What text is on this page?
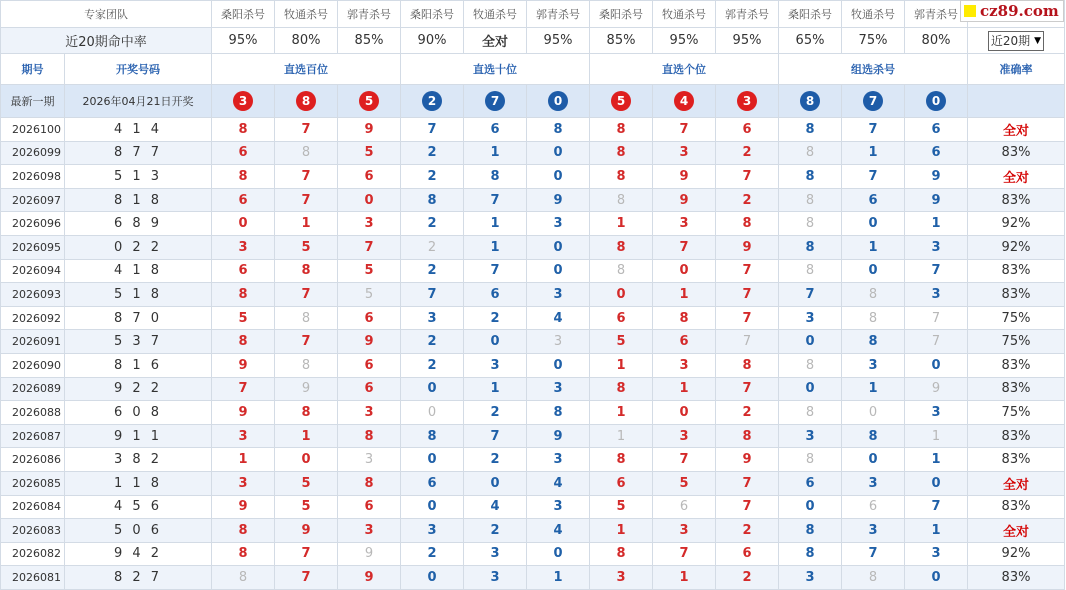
专家团队		桑阳杀号	牧通杀号	郭青杀号	桑阳杀号	牧通杀号	郭青杀号	桑阳杀号	牧通杀号	郭青杀号	桑阳杀号	牧通杀号	郭青杀号	
近20期命中率		95%	80%	85%	90%	全对	95%	85%	95%	95%	65%	75%	80%	近20期 ▼

期号	开奖号码	直选百位			直选十位			直选个位			组选杀号			准确率
最新一期	2026年04月21日开奖	3	8	5	2	7	0	5	4	3	8	7	0	
2026100	4 1 4	8	7	9	7	6	8	8	7	6	8	7	6	全对
2026099	8 7 7	6	8	5	2	1	0	8	3	2	8	1	6	83%
2026098	5 1 3	8	7	6	2	8	0	8	9	7	8	7	9	全对
2026097	8 1 8	6	7	0	8	7	9	8	9	2	8	6	9	83%
2026096	6 8 9	0	1	3	2	1	3	1	3	8	8	0	1	92%
2026095	0 2 2	3	5	7	2	1	0	8	7	9	8	1	3	92%
2026094	4 1 8	6	8	5	2	7	0	8	0	7	8	0	7	83%
2026093	5 1 8	8	7	5	7	6	3	0	1	7	7	8	3	83%
2026092	8 7 0	5	8	6	3	2	4	6	8	7	3	8	7	75%
2026091	5 3 7	8	7	9	2	0	3	5	6	7	0	8	7	75%
2026090	8 1 6	9	8	6	2	3	0	1	3	8	8	3	0	83%
2026089	9 2 2	7	9	6	0	1	3	8	1	7	0	1	9	83%
2026088	6 0 8	9	8	3	0	2	8	1	0	2	8	0	3	75%
2026087	9 1 1	3	1	8	8	7	9	1	3	8	3	8	1	83%
2026086	3 8 2	1	0	3	0	2	3	8	7	9	8	0	1	83%
2026085	1 1 8	3	5	8	6	0	4	6	5	7	6	3	0	全对
2026084	4 5 6	9	5	6	0	4	3	5	6	7	0	6	7	83%
2026083	5 0 6	8	9	3	3	2	4	1	3	2	8	3	1	全对
2026082	9 4 2	8	7	9	2	3	0	8	7	6	8	7	3	92%
2026081	8 2 7	8	7	9	0	3	1	3	1	2	3	8	0	83%
cz89.com
